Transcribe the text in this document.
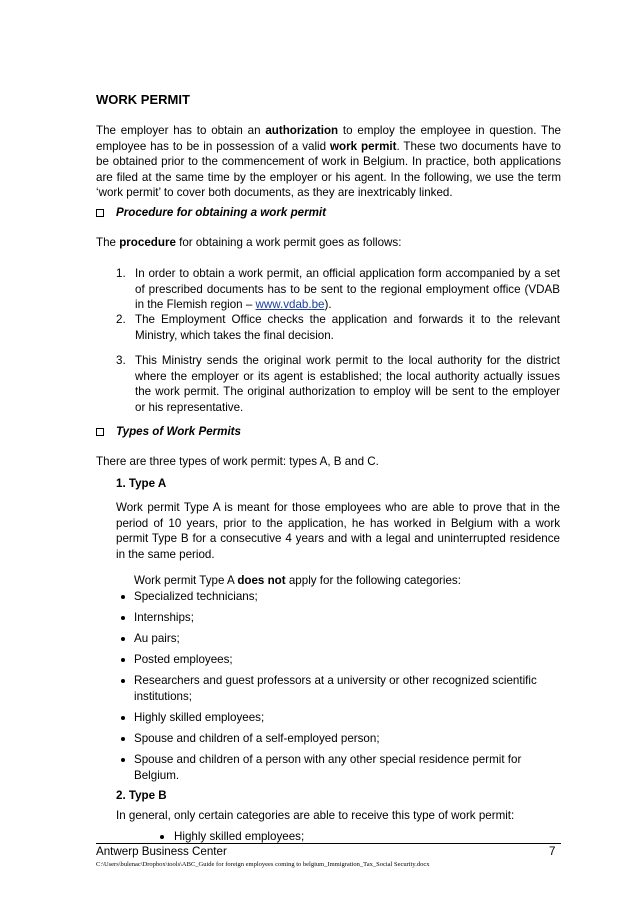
WORK PERMIT
The employer has to obtain an authorization to employ the employee in question. The employee has to be in possession of a valid work permit. These two documents have to be obtained prior to the commencement of work in Belgium. In practice, both applications are filed at the same time by the employer or his agent. In the following, we use the term ‘work permit’ to cover both documents, as they are inextricably linked.
Procedure for obtaining a work permit
The procedure for obtaining a work permit goes as follows:
1. In order to obtain a work permit, an official application form accompanied by a set of prescribed documents has to be sent to the regional employment office (VDAB in the Flemish region – www.vdab.be).
2. The Employment Office checks the application and forwards it to the relevant Ministry, which takes the final decision.
3. This Ministry sends the original work permit to the local authority for the district where the employer or its agent is established; the local authority actually issues the work permit. The original authorization to employ will be sent to the employer or his representative.
Types of Work Permits
There are three types of work permit: types A, B and C.
1. Type A
Work permit Type A is meant for those employees who are able to prove that in the period of 10 years, prior to the application, he has worked in Belgium with a work permit Type B for a consecutive 4 years and with a legal and uninterrupted residence in the same period.
Work permit Type A does not apply for the following categories:
Specialized technicians;
Internships;
Au pairs;
Posted employees;
Researchers and guest professors at a university or other recognized scientific institutions;
Highly skilled employees;
Spouse and children of a self-employed person;
Spouse and children of a person with any other special residence permit for Belgium.
2. Type B
In general, only certain categories are able to receive this type of work permit:
Highly skilled employees;
Antwerp Business Center	7
C:\Users\bulenac\Dropbox\tools\ABC_Guide for foreign employees coming to belgium_Immigration_Tax_Social Security.docx
